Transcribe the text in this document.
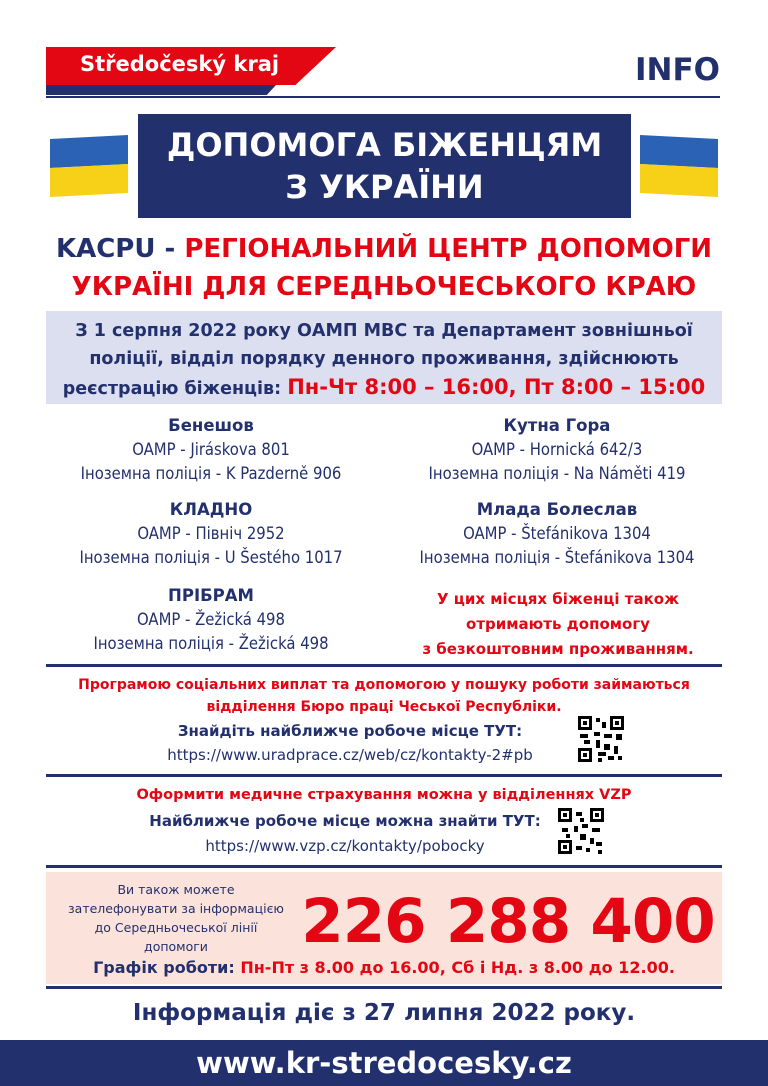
Středočeský kraj	INFO
ДОПОМОГА БІЖЕНЦЯМ
З УКРАЇНИ
KACPU - РЕГІОНАЛЬНИЙ ЦЕНТР ДОПОМОГИ
УКРАЇНІ ДЛЯ СЕРЕДНЬОЧЕСЬКОГО КРАЮ
З 1 серпня 2022 року ОАМП МВС та Департамент зовнішньої
поліції, відділ порядку денного проживання, здійснюють
реєстрацію біженців: Пн-Чт 8:00 – 16:00, Пт 8:00 – 15:00
Бенешов
OAMP - Jiráskova 801
Іноземна поліція - K Pazderně 906
Кутна Гора
OAMP - Hornická 642/3
Іноземна поліція - Na Náměti 419
КЛАДНО
OAMP - Північ 2952
Іноземна поліція - U Šestého 1017
Млада Болеслав
OAMP - Štefánikova 1304
Іноземна поліція - Štefánikova 1304
ПРІБРАМ
OAMP - Žežická 498
Іноземна поліція - Žežická 498
У цих місцях біженці також
отримають допомогу
з безкоштовним проживанням.
Програмою соціальних виплат та допомогою у пошуку роботи займаються
відділення Бюро праці Чеської Республіки.
Знайдіть найближче робоче місце ТУТ:
https://www.uradprace.cz/web/cz/kontakty-2#pb
Оформити медичне страхування можна у відділеннях VZP
Найближче робоче місце можна знайти ТУТ:
https://www.vzp.cz/kontakty/pobocky
Ви також можете
зателефонувати за інформацією
до Середньочеської лінії
допомоги	226 288 400
Графік роботи: Пн-Пт з 8.00 до 16.00, Сб і Нд. з 8.00 до 12.00.
Інформація діє з 27 липня 2022 року.
www.kr-stredocesky.cz
